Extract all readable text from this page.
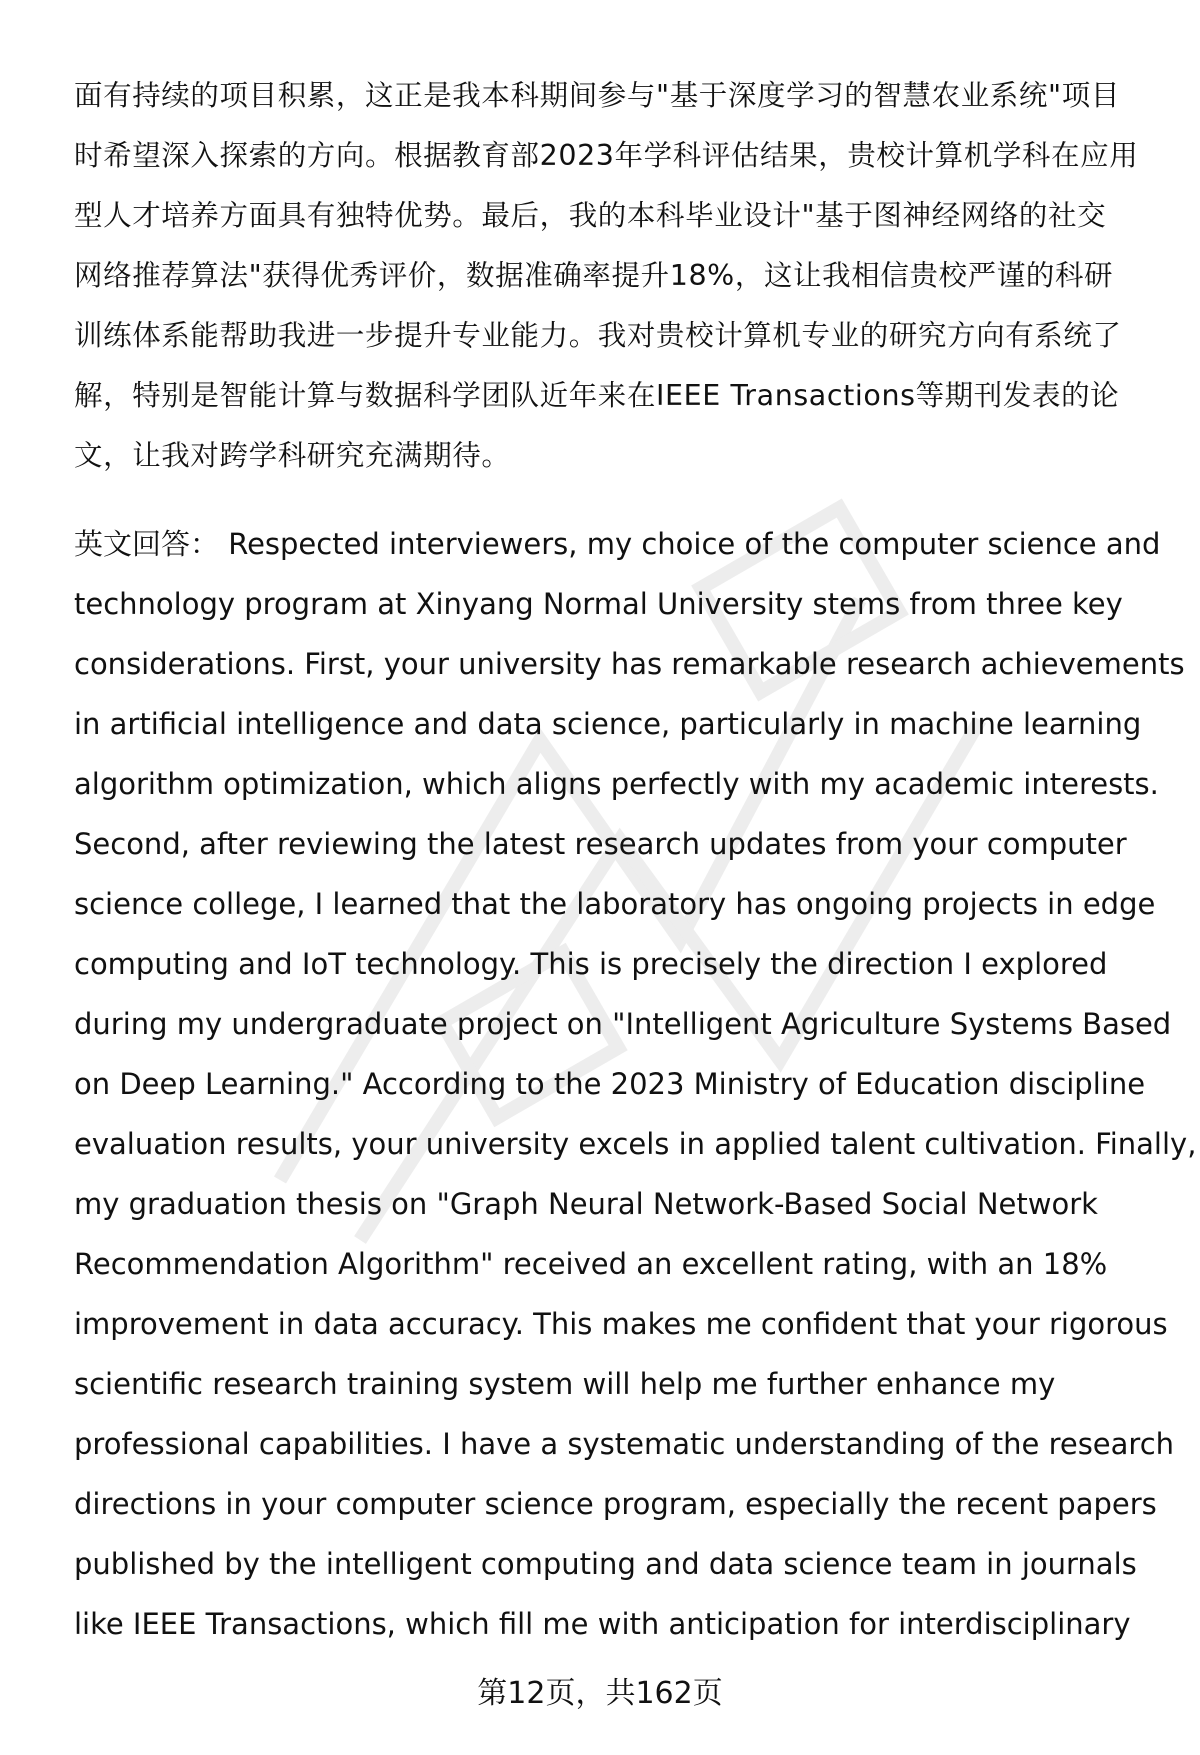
面有持续的项目积累，这正是我本科期间参与"基于深度学习的智慧农业系统"项目
时希望深入探索的方向。根据教育部2023年学科评估结果，贵校计算机学科在应用
型人才培养方面具有独特优势。最后，我的本科毕业设计"基于图神经网络的社交
网络推荐算法"获得优秀评价，数据准确率提升18%，这让我相信贵校严谨的科研
训练体系能帮助我进一步提升专业能力。我对贵校计算机专业的研究方向有系统了
解，特别是智能计算与数据科学团队近年来在IEEE Transactions等期刊发表的论
文，让我对跨学科研究充满期待。
英文回答： Respected interviewers, my choice of the computer science and
technology program at Xinyang Normal University stems from three key
considerations. First, your university has remarkable research achievements
in artificial intelligence and data science, particularly in machine learning
algorithm optimization, which aligns perfectly with my academic interests.
Second, after reviewing the latest research updates from your computer
science college, I learned that the laboratory has ongoing projects in edge
computing and IoT technology. This is precisely the direction I explored
during my undergraduate project on "Intelligent Agriculture Systems Based
on Deep Learning." According to the 2023 Ministry of Education discipline
evaluation results, your university excels in applied talent cultivation. Finally,
my graduation thesis on "Graph Neural Network-Based Social Network
Recommendation Algorithm" received an excellent rating, with an 18%
improvement in data accuracy. This makes me confident that your rigorous
scientific research training system will help me further enhance my
professional capabilities. I have a systematic understanding of the research
directions in your computer science program, especially the recent papers
published by the intelligent computing and data science team in journals
like IEEE Transactions, which fill me with anticipation for interdisciplinary
第12页，共162页
